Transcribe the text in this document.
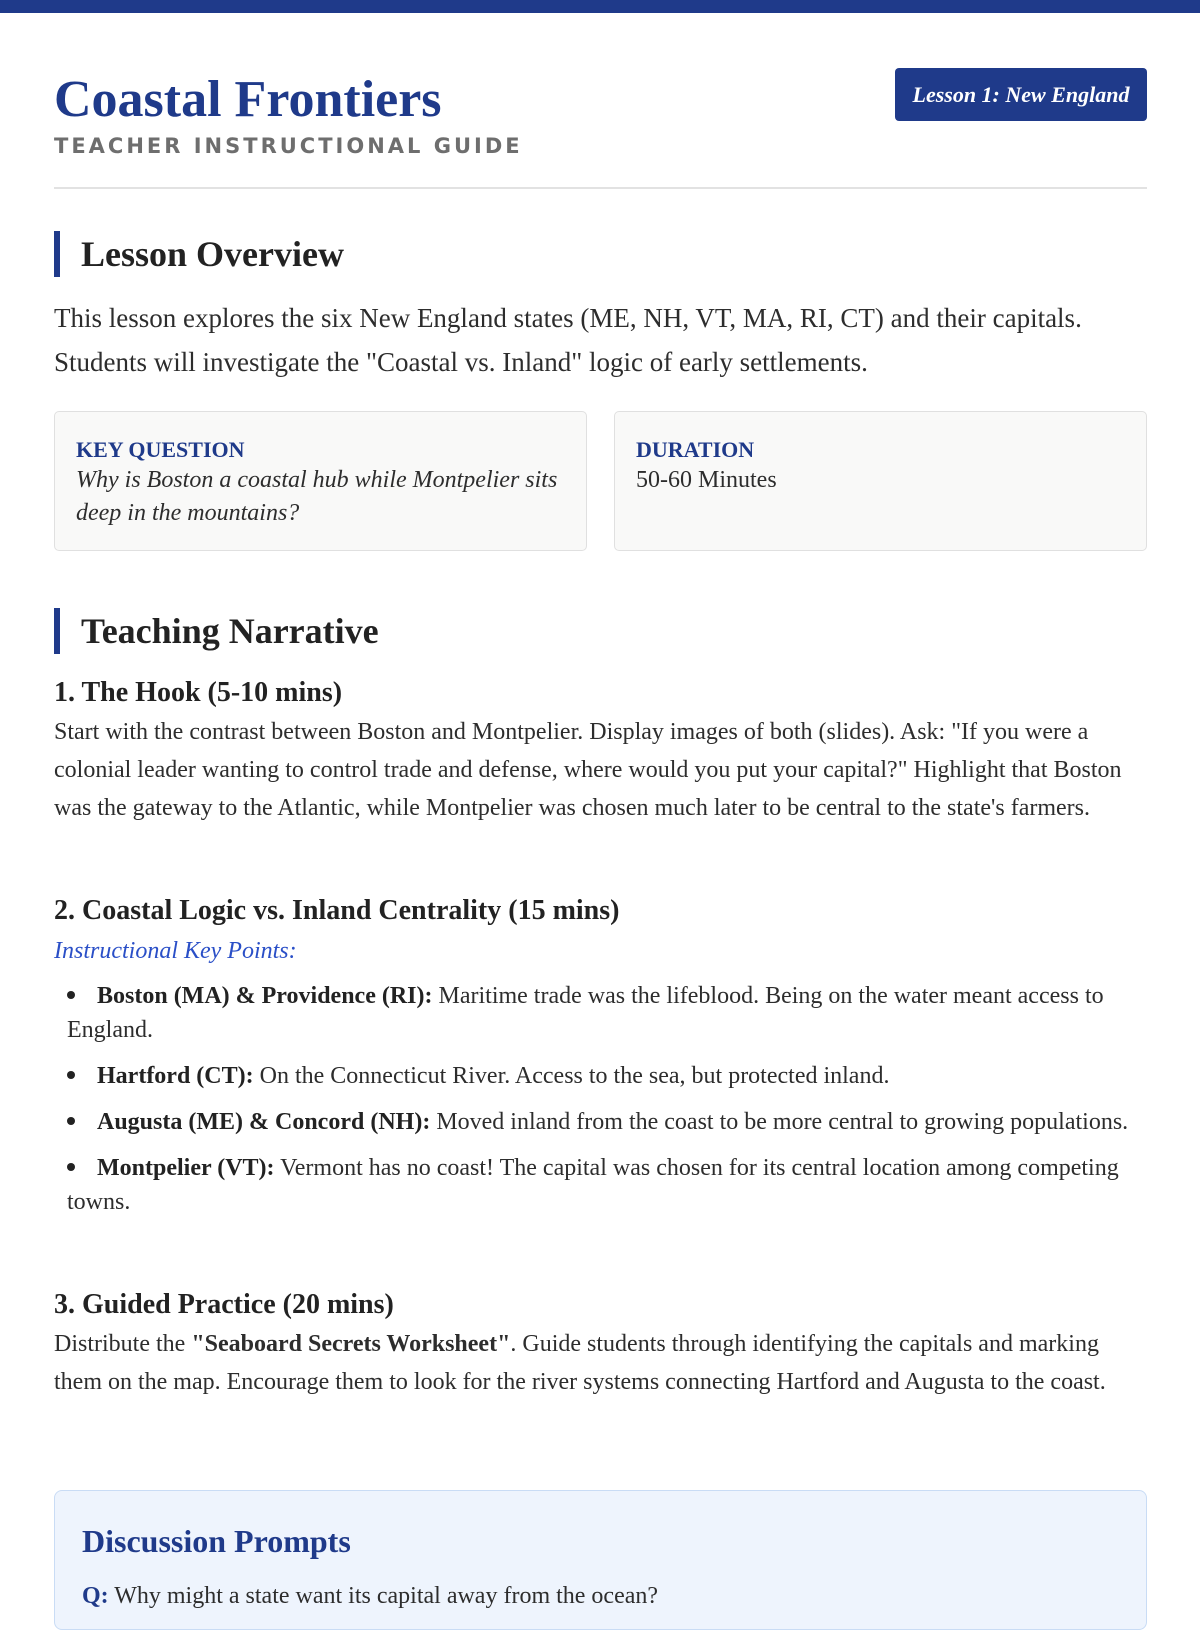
Coastal Frontiers
TEACHER INSTRUCTIONAL GUIDE
Lesson 1: New England
Lesson Overview
This lesson explores the six New England states (ME, NH, VT, MA, RI, CT) and their capitals. Students will investigate the "Coastal vs. Inland" logic of early settlements.
KEY QUESTION
Why is Boston a coastal hub while Montpelier sits deep in the mountains?
DURATION
50-60 Minutes
Teaching Narrative
1. The Hook (5-10 mins)

Start with the contrast between Boston and Montpelier. Display images of both (slides). Ask: "If you were a colonial leader wanting to control trade and defense, where would you put your capital?" Highlight that Boston was the gateway to the Atlantic, while Montpelier was chosen much later to be central to the state's farmers.

2. Coastal Logic vs. Inland Centrality (15 mins)
Instructional Key Points:
Boston (MA) & Providence (RI): Maritime trade was the lifeblood. Being on the water meant access to England.
Hartford (CT): On the Connecticut River. Access to the sea, but protected inland.
Augusta (ME) & Concord (NH): Moved inland from the coast to be more central to growing populations.
Montpelier (VT): Vermont has no coast! The capital was chosen for its central location among competing towns.
3. Guided Practice (20 mins)

Distribute the "Seaboard Secrets Worksheet". Guide students through identifying the capitals and marking them on the map. Encourage them to look for the river systems connecting Hartford and Augusta to the coast.

Discussion Prompts
Q: Why might a state want its capital away from the ocean?
